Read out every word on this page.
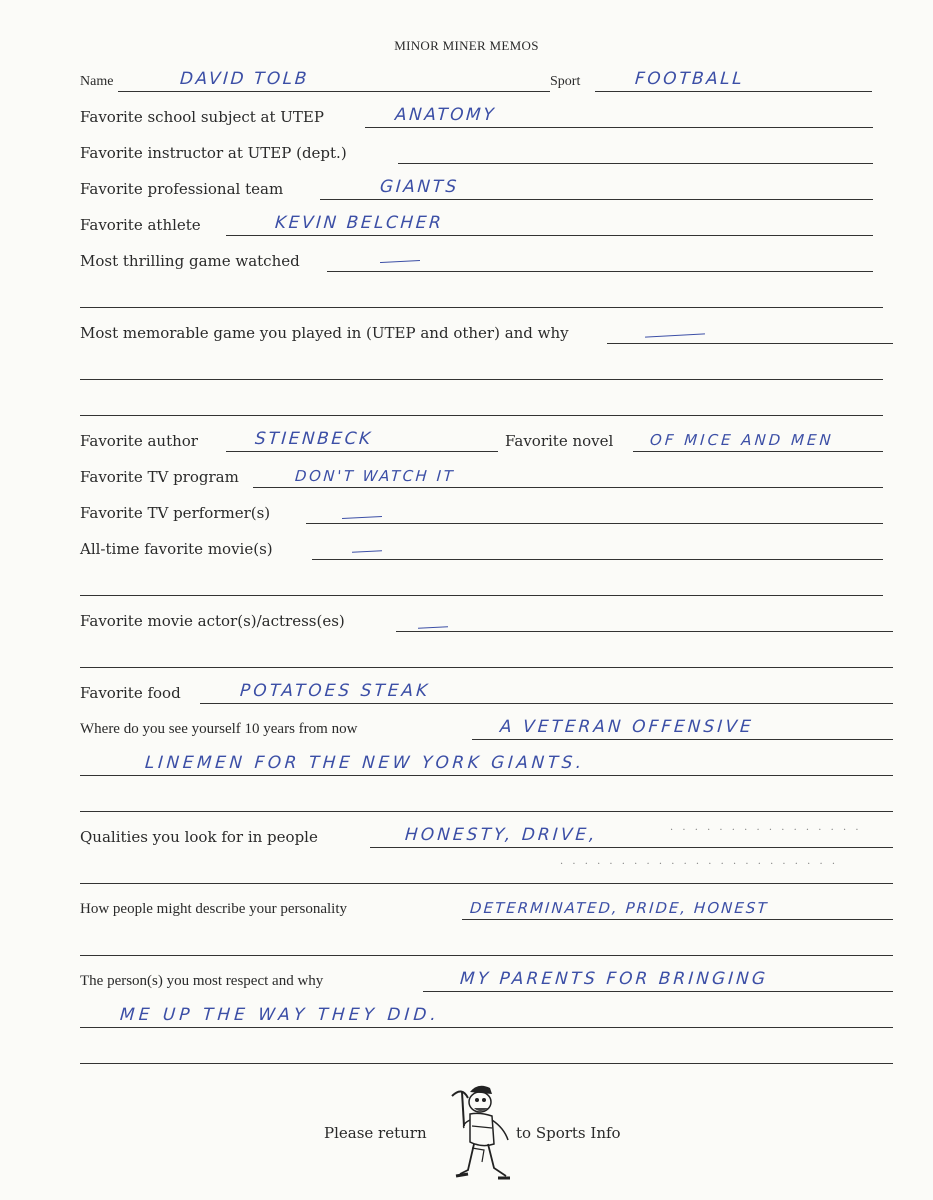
MINOR MINER MEMOS
Name	DAVID TOLB	Sport	FOOTBALL
Favorite school subject at UTEP	ANATOMY
Favorite instructor at UTEP (dept.)
Favorite professional team	GIANTS
Favorite athlete	KEVIN BELCHER
Most thrilling game watched
Most memorable game you played in (UTEP and other) and why
Favorite author	STIENBECK	Favorite novel OF MICE AND MEN
Favorite TV program	DON'T WATCH IT
Favorite TV performer(s)
All-time favorite movie(s)
Favorite movie actor(s)/actress(es)
Favorite food	POTATOES STEAK
Where do you see yourself 10 years from now	A VETERAN OFFENSIVE
LINEMEN FOR THE NEW YORK GIANTS.
Qualities you look for in people	HONESTY, DRIVE,	· · · · · · · · · · · · · · · ·
· · · · · · · · · · · · · · · · · · · · · · ·
How people might describe your personality	DETERMINATED, PRIDE, HONEST
The person(s) you most respect and why	MY PARENTS FOR BRINGING
ME UP THE WAY THEY DID.
Please return	to Sports Info
